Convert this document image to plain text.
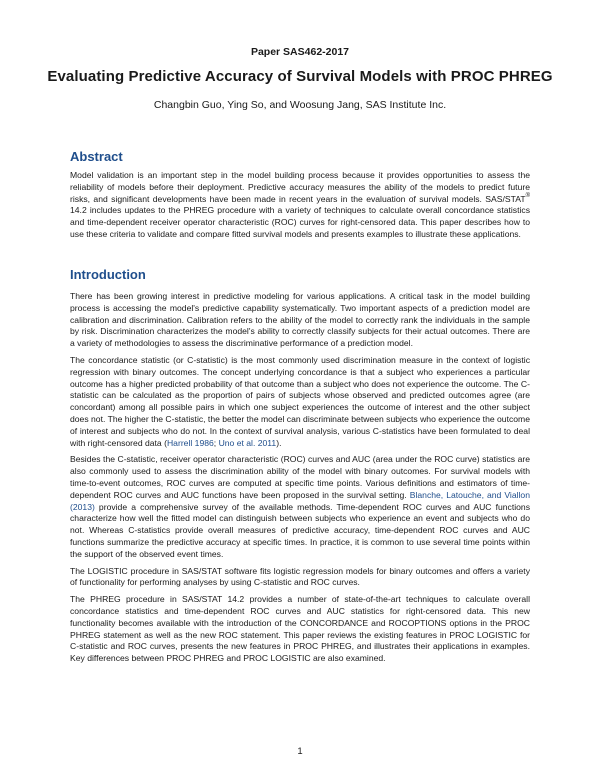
Paper SAS462-2017
Evaluating Predictive Accuracy of Survival Models with PROC PHREG
Changbin Guo, Ying So, and Woosung Jang, SAS Institute Inc.
Abstract

Model validation is an important step in the model building process because it provides opportunities to assess the reliability of models before their deployment. Predictive accuracy measures the ability of the models to predict future risks, and significant developments have been made in recent years in the evaluation of survival models. SAS/STAT® 14.2 includes updates to the PHREG procedure with a variety of techniques to calculate overall concordance statistics and time-dependent receiver operator characteristic (ROC) curves for right-censored data. This paper describes how to use these criteria to validate and compare fitted survival models and presents examples to illustrate these applications.

Introduction

There has been growing interest in predictive modeling for various applications. A critical task in the model building process is accessing the model's predictive capability systematically. Two important aspects of a prediction model are calibration and discrimination. Calibration refers to the ability of the model to correctly rank the individuals in the sample by risk. Discrimination characterizes the model's ability to correctly classify subjects for their actual outcomes. There are a variety of methodologies to assess the discriminative performance of a prediction model.

The concordance statistic (or C-statistic) is the most commonly used discrimination measure in the context of logistic regression with binary outcomes. The concept underlying concordance is that a subject who experiences a particular outcome has a higher predicted probability of that outcome than a subject who does not experience the outcome. The C-statistic can be calculated as the proportion of pairs of subjects whose observed and predicted outcomes agree (are concordant) among all possible pairs in which one subject experiences the outcome of interest and the other subject does not. The higher the C-statistic, the better the model can discriminate between subjects who experience the outcome of interest and subjects who do not. In the context of survival analysis, various C-statistics have been formulated to deal with right-censored data (Harrell 1986; Uno et al. 2011).

Besides the C-statistic, receiver operator characteristic (ROC) curves and AUC (area under the ROC curve) statistics are also commonly used to assess the discrimination ability of the model with binary outcomes. For survival models with time-to-event outcomes, ROC curves are computed at specific time points. Various definitions and estimators of time-dependent ROC curves and AUC functions have been proposed in the survival setting. Blanche, Latouche, and Viallon (2013) provide a comprehensive survey of the available methods. Time-dependent ROC curves and AUC functions characterize how well the fitted model can distinguish between subjects who experience an event and subjects who do not. Whereas C-statistics provide overall measures of predictive accuracy, time-dependent ROC curves and AUC functions summarize the predictive accuracy at specific times. In practice, it is common to use several time points within the support of the observed event times.

The LOGISTIC procedure in SAS/STAT software fits logistic regression models for binary outcomes and offers a variety of functionality for performing analyses by using C-statistic and ROC curves.

The PHREG procedure in SAS/STAT 14.2 provides a number of state-of-the-art techniques to calculate overall concordance statistics and time-dependent ROC curves and AUC statistics for right-censored data. This new functionality becomes available with the introduction of the CONCORDANCE and ROCOPTIONS options in the PROC PHREG statement as well as the new ROC statement. This paper reviews the existing features in PROC LOGISTIC for C-statistic and ROC curves, presents the new features in PROC PHREG, and illustrates their applications in examples. Key differences between PROC PHREG and PROC LOGISTIC are also examined.

1
